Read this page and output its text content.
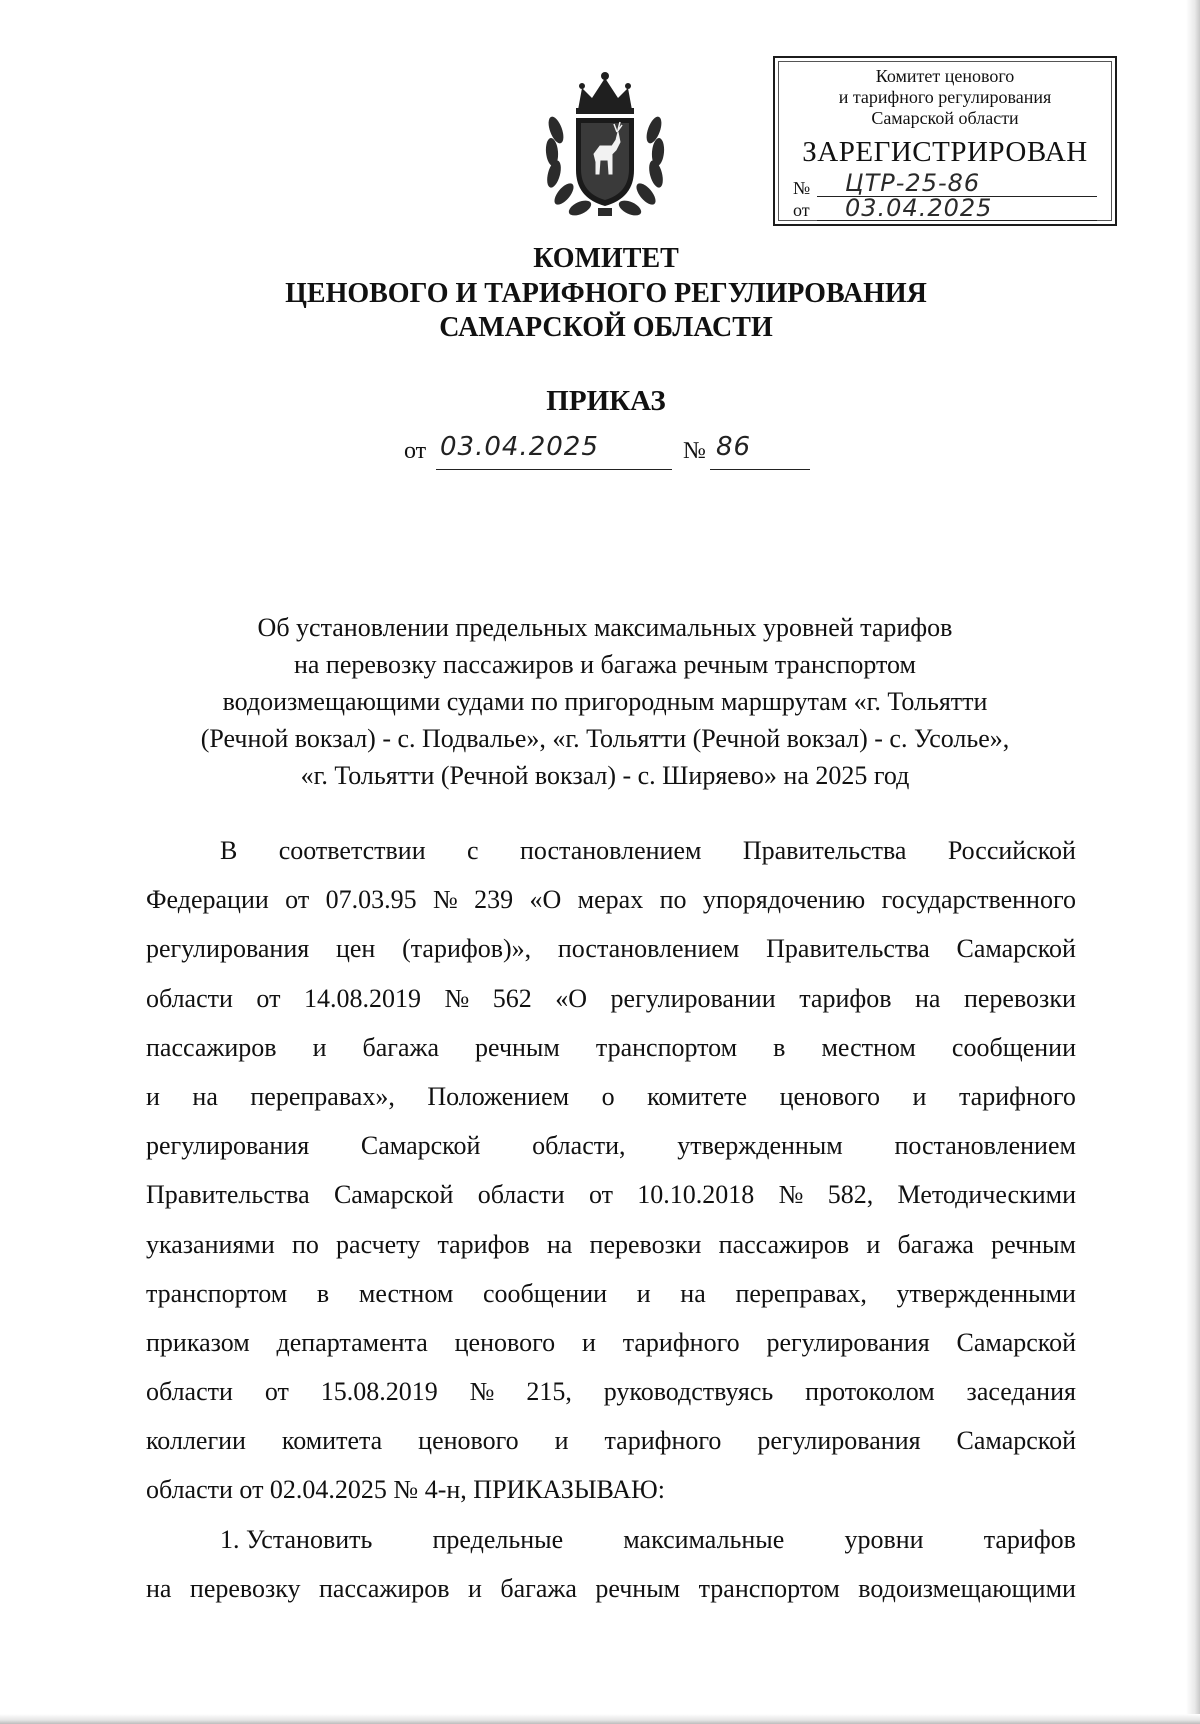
Комитет ценового
и тарифного регулирования
Самарской области
ЗАРЕГИСТРИРОВАН
№ ЦТР-25-86
от 03.04.2025
КОМИТЕТ
ЦЕНОВОГО И ТАРИФНОГО РЕГУЛИРОВАНИЯ
САМАРСКОЙ ОБЛАСТИ
ПРИКАЗ
от 03.04.2025	№ 86
Об установлении предельных максимальных уровней тарифов
на перевозку пассажиров и багажа речным транспортом
водоизмещающими судами по пригородным маршрутам «г. Тольятти
(Речной вокзал) - с. Подвалье», «г. Тольятти (Речной вокзал) - с. Усолье»,
«г. Тольятти (Речной вокзал) - с. Ширяево» на 2025 год
В соответствии с постановлением Правительства Российской
Федерации от 07.03.95 № 239 «О мерах по упорядочению государственного
регулирования цен (тарифов)», постановлением Правительства Самарской
области от 14.08.2019 № 562 «О регулировании тарифов на перевозки
пассажиров и багажа речным транспортом в местном сообщении
и на переправах», Положением о комитете ценового и тарифного
регулирования Самарской области, утвержденным постановлением
Правительства Самарской области от 10.10.2018 № 582, Методическими
указаниями по расчету тарифов на перевозки пассажиров и багажа речным
транспортом в местном сообщении и на переправах, утвержденными
приказом департамента ценового и тарифного регулирования Самарской
области от 15.08.2019 № 215, руководствуясь протоколом заседания
коллегии комитета ценового и тарифного регулирования Самарской
области от 02.04.2025 № 4-н, ПРИКАЗЫВАЮ:
1. Установить предельные максимальные уровни тарифов
на перевозку пассажиров и багажа речным транспортом водоизмещающими
